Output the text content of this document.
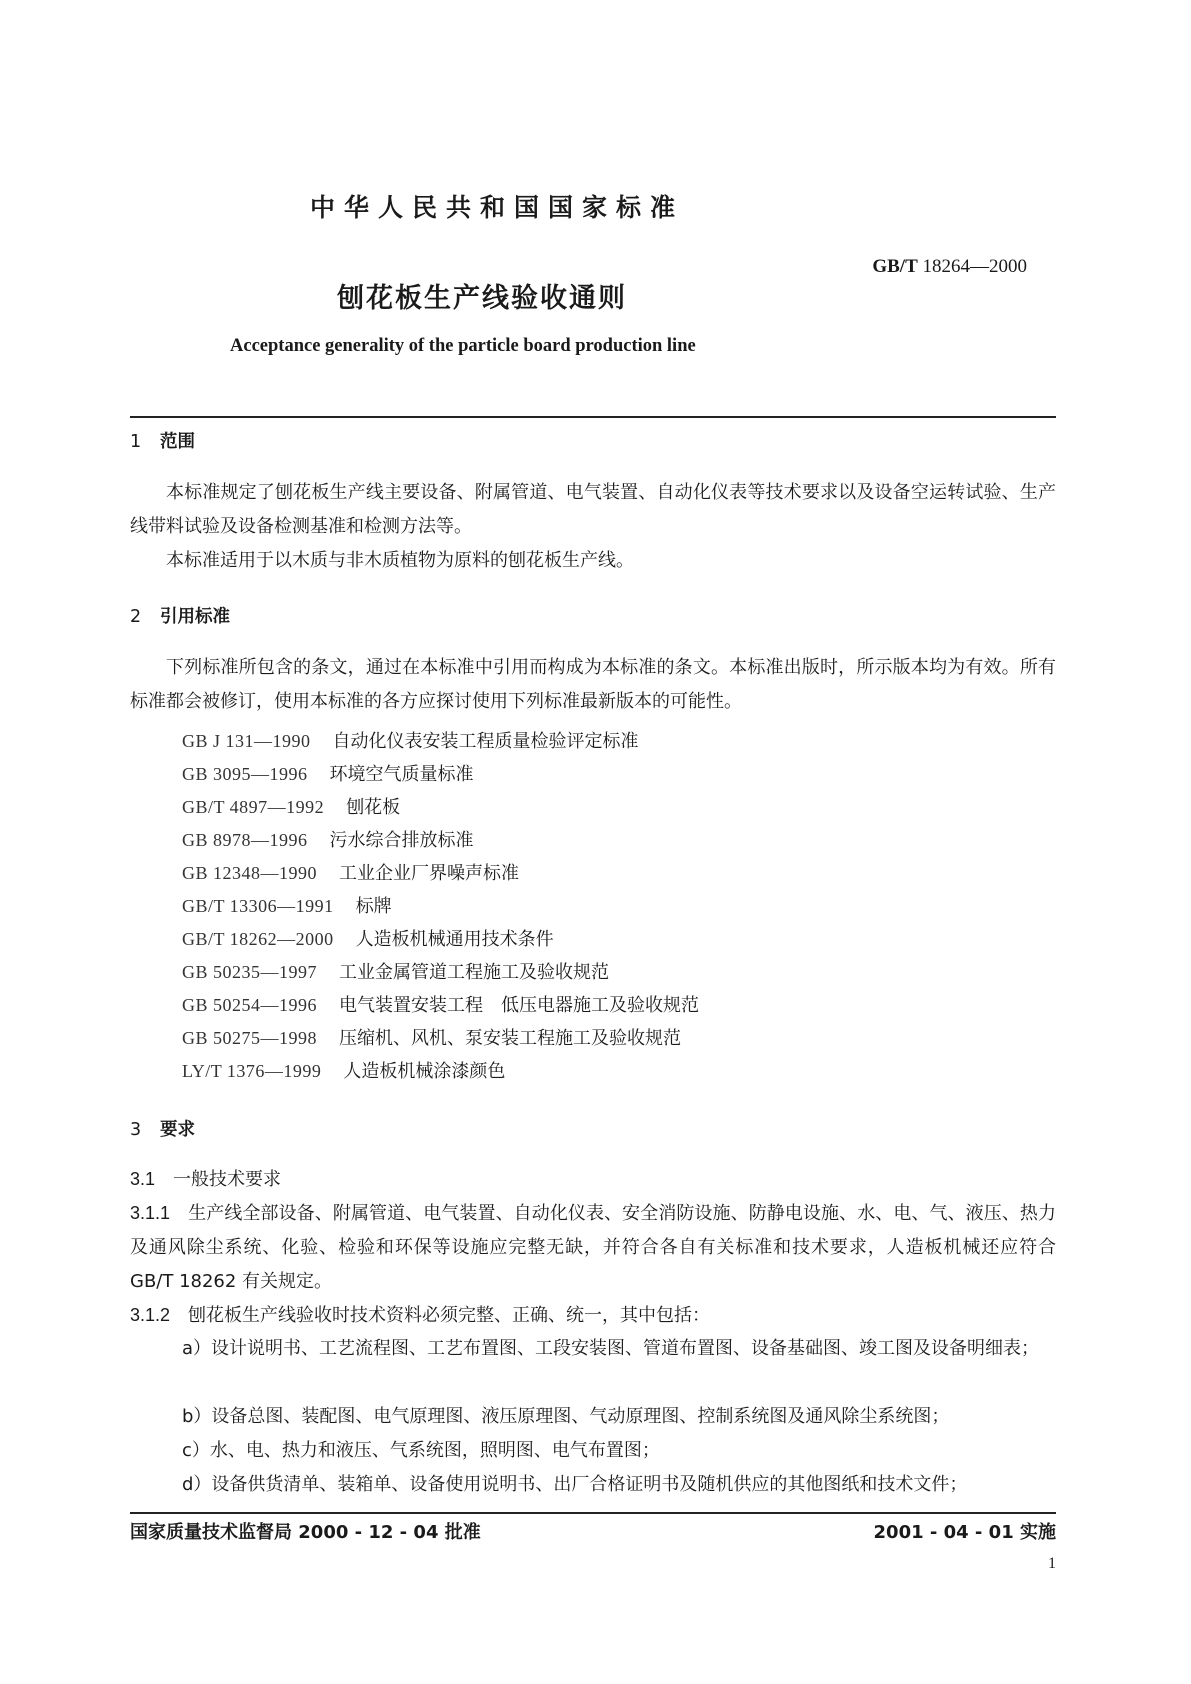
中华人民共和国国家标准
GB/T 18264—2000
刨花板生产线验收通则
Acceptance generality of the particle board production line
1 范围
本标准规定了刨花板生产线主要设备、附属管道、电气装置、自动化仪表等技术要求以及设备空运转试验、生产线带料试验及设备检测基准和检测方法等。
本标准适用于以木质与非木质植物为原料的刨花板生产线。
2 引用标准
下列标准所包含的条文，通过在本标准中引用而构成为本标准的条文。本标准出版时，所示版本均为有效。所有标准都会被修订，使用本标准的各方应探讨使用下列标准最新版本的可能性。
GB J 131—1990 自动化仪表安装工程质量检验评定标准
GB 3095—1996 环境空气质量标准
GB/T 4897—1992 刨花板
GB 8978—1996 污水综合排放标准
GB 12348—1990 工业企业厂界噪声标准
GB/T 13306—1991 标牌
GB/T 18262—2000 人造板机械通用技术条件
GB 50235—1997 工业金属管道工程施工及验收规范
GB 50254—1996 电气装置安装工程　低压电器施工及验收规范
GB 50275—1998 压缩机、风机、泵安装工程施工及验收规范
LY/T 1376—1999 人造板机械涂漆颜色
3 要求
3.1　 一般技术要求
3.1.1　 生产线全部设备、附属管道、电气装置、自动化仪表、安全消防设施、防静电设施、水、电、气、液压、热力及通风除尘系统、化验、检验和环保等设施应完整无缺，并符合各自有关标准和技术要求，人造板机械还应符合 GB/T 18262 有关规定。
3.1.2　 刨花板生产线验收时技术资料必须完整、正确、统一，其中包括：
a）设计说明书、工艺流程图、工艺布置图、工段安装图、管道布置图、设备基础图、竣工图及设备明细表；
b）设备总图、装配图、电气原理图、液压原理图、气动原理图、控制系统图及通风除尘系统图；
c）水、电、热力和液压、气系统图，照明图、电气布置图；
d）设备供货清单、装箱单、设备使用说明书、出厂合格证明书及随机供应的其他图纸和技术文件；
国家质量技术监督局 2000 - 12 - 04 批准	2001 - 04 - 01 实施
1
